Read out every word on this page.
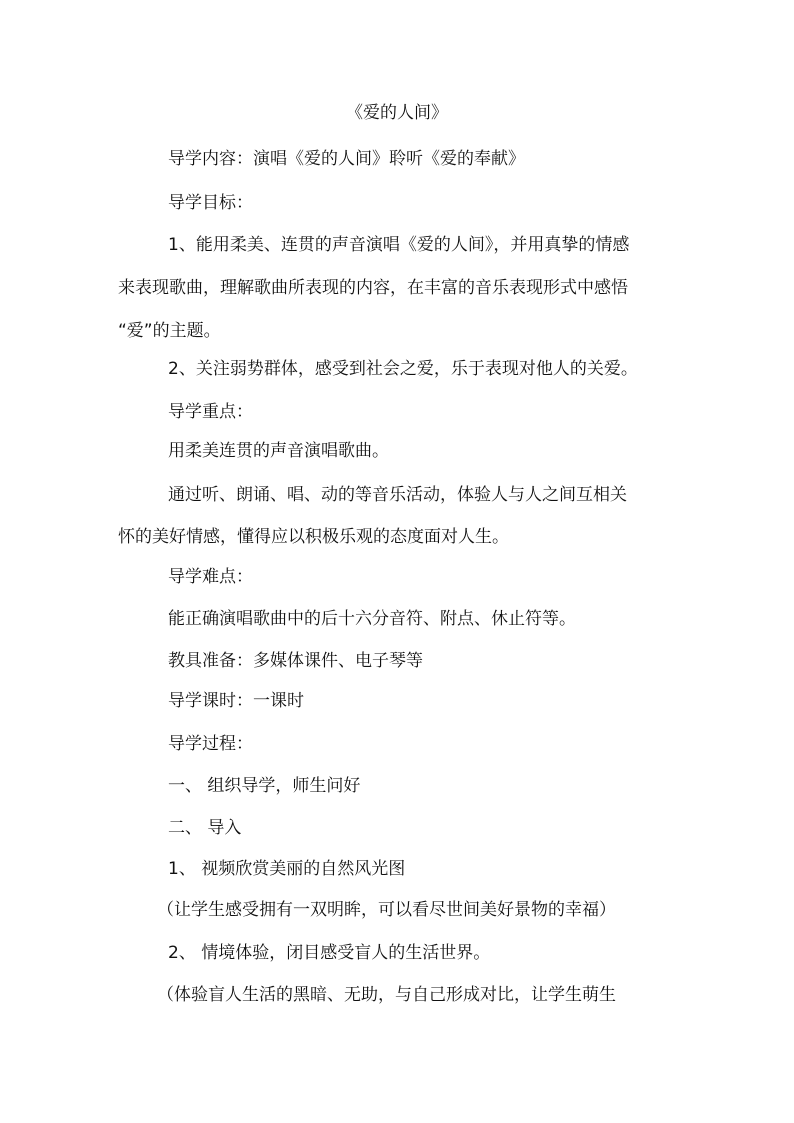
《爱的人间》
导学内容：演唱《爱的人间》聆听《爱的奉献》
导学目标：
1、能用柔美、连贯的声音演唱《爱的人间》，并用真挚的情感
来表现歌曲，理解歌曲所表现的内容，在丰富的音乐表现形式中感悟
“爱”的主题。
2、关注弱势群体，感受到社会之爱，乐于表现对他人的关爱。
导学重点：
用柔美连贯的声音演唱歌曲。
通过听、朗诵、唱、动的等音乐活动，体验人与人之间互相关
怀的美好情感，懂得应以积极乐观的态度面对人生。
导学难点：
能正确演唱歌曲中的后十六分音符、附点、休止符等。
教具准备：多媒体课件、电子琴等
导学课时：一课时
导学过程：
一、 组织导学，师生问好
二、 导入
1、 视频欣赏美丽的自然风光图
（让学生感受拥有一双明眸，可以看尽世间美好景物的幸福）
2、 情境体验，闭目感受盲人的生活世界。
（体验盲人生活的黑暗、无助，与自己形成对比，让学生萌生
